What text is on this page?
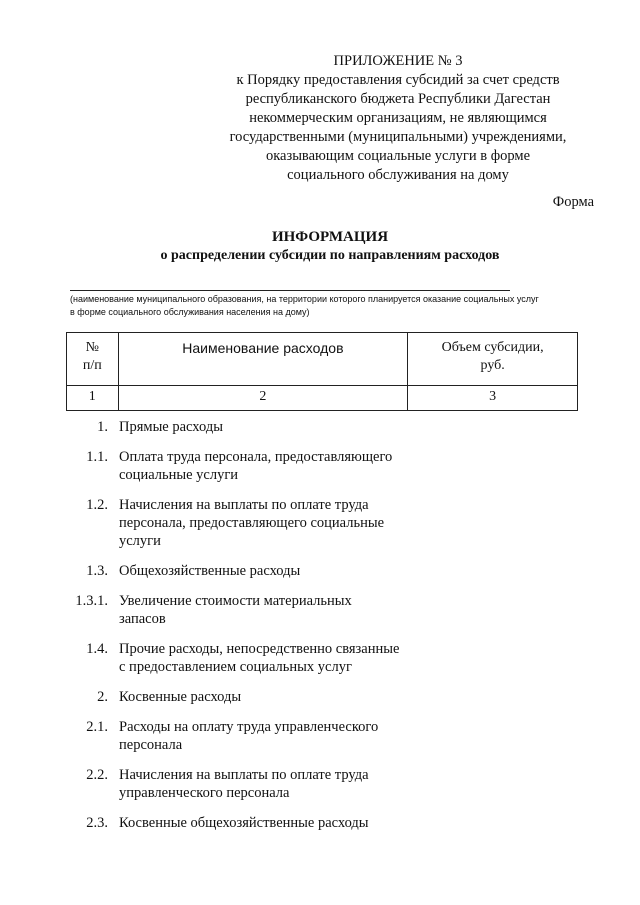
ПРИЛОЖЕНИЕ № 3
к Порядку предоставления субсидий за счет средств
республиканского бюджета Республики Дагестан
некоммерческим организациям, не являющимся
государственными (муниципальными) учреждениями,
оказывающим социальные услуги в форме
социального обслуживания на дому
Форма
ИНФОРМАЦИЯ
о распределении субсидии по направлениям расходов
(наименование муниципального образования, на территории которого планируется оказание социальных услуг
в форме социального обслуживания населения на дому)
№
п/п	Наименование расходов	Объем субсидии,
руб.
1	2	3
1. Прямые расходы
1.1. Оплата труда персонала, предоставляющего
социальные услуги
1.2. Начисления на выплаты по оплате труда
персонала, предоставляющего социальные
услуги
1.3. Общехозяйственные расходы
1.3.1. Увеличение стоимости материальных
запасов
1.4. Прочие расходы, непосредственно связанные
с предоставлением социальных услуг
2. Косвенные расходы
2.1. Расходы на оплату труда управленческого
персонала
2.2. Начисления на выплаты по оплате труда
управленческого персонала
2.3. Косвенные общехозяйственные расходы
